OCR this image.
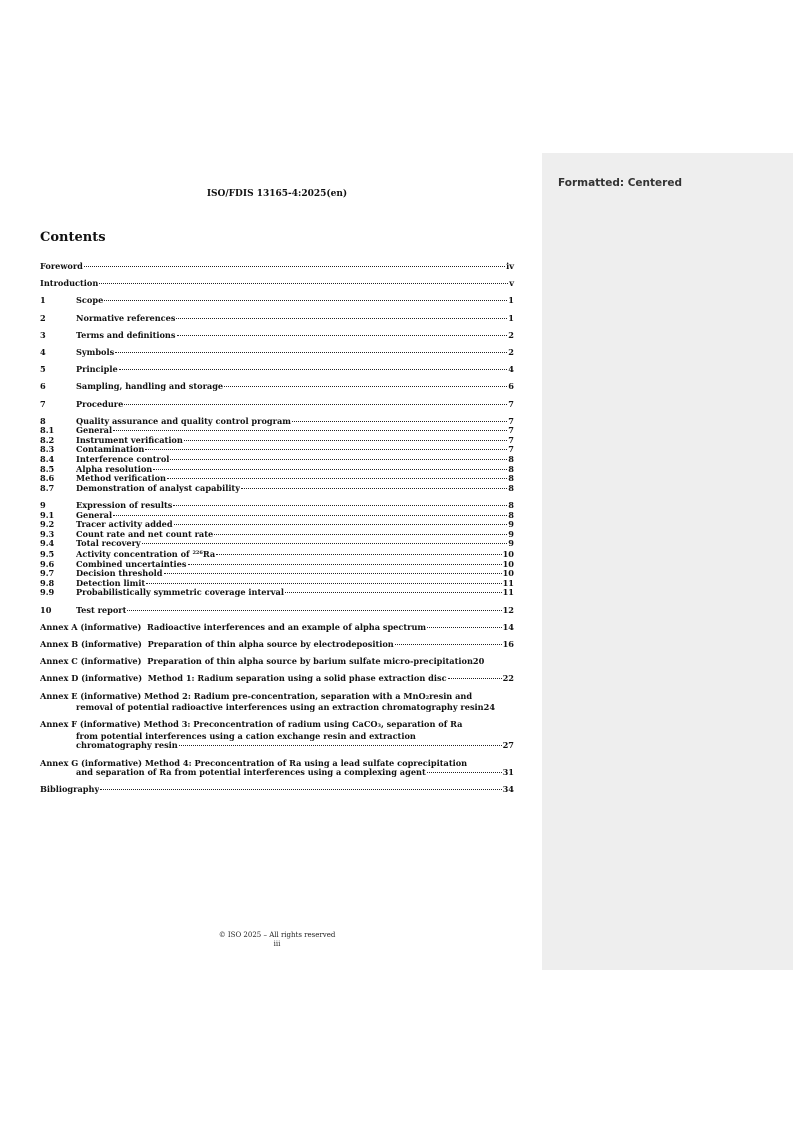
Formatted: Centered
ISO/FDIS 13165-4:2025(en)
Contents
Foreword	iv
Introduction	v
1	Scope	1
2	Normative references	1
3	Terms and definitions	2
4	Symbols	2
5	Principle	4
6	Sampling, handling and storage	6
7	Procedure	7
8	Quality assurance and quality control program	7
8.1	General	7
8.2	Instrument verification	7
8.3	Contamination	7
8.4	Interference control	8
8.5	Alpha resolution	8
8.6	Method verification	8
8.7	Demonstration of analyst capability	8
9	Expression of results	8
9.1	General	8
9.2	Tracer activity added	9
9.3	Count rate and net count rate	9
9.4	Total recovery	9
9.5	Activity concentration of $^{226}$Ra	10
9.6	Combined uncertainties	10
9.7	Decision threshold	10
9.8	Detection limit	11
9.9	Probabilistically symmetric coverage interval	11
10	Test report	12
Annex A (informative) Radioactive interferences and an example of alpha spectrum	14
Annex B (informative) Preparation of thin alpha source by electrodeposition	16
Annex C (informative) Preparation of thin alpha source by barium sulfate micro-precipitation 20
Annex D (informative) Method 1: Radium separation using a solid phase extraction disc	22
Annex E (informative)
Method 2: Radium pre-concentration, separation with a MnO$_2$ resin and
removal of potential radioactive interferences using an extraction chromatography resin 24
Annex F (informative)
Method 3: Preconcentration of radium using CaCO$_3$ , separation of Ra
from potential interferences using a cation exchange resin and extraction
chromatography resin	27
Annex G (informative)
Method 4: Preconcentration of Ra using a lead sulfate coprecipitation
and separation of Ra from potential interferences using a complexing agent	31
Bibliography	34
© ISO 2025 – All rights reserved
iii
